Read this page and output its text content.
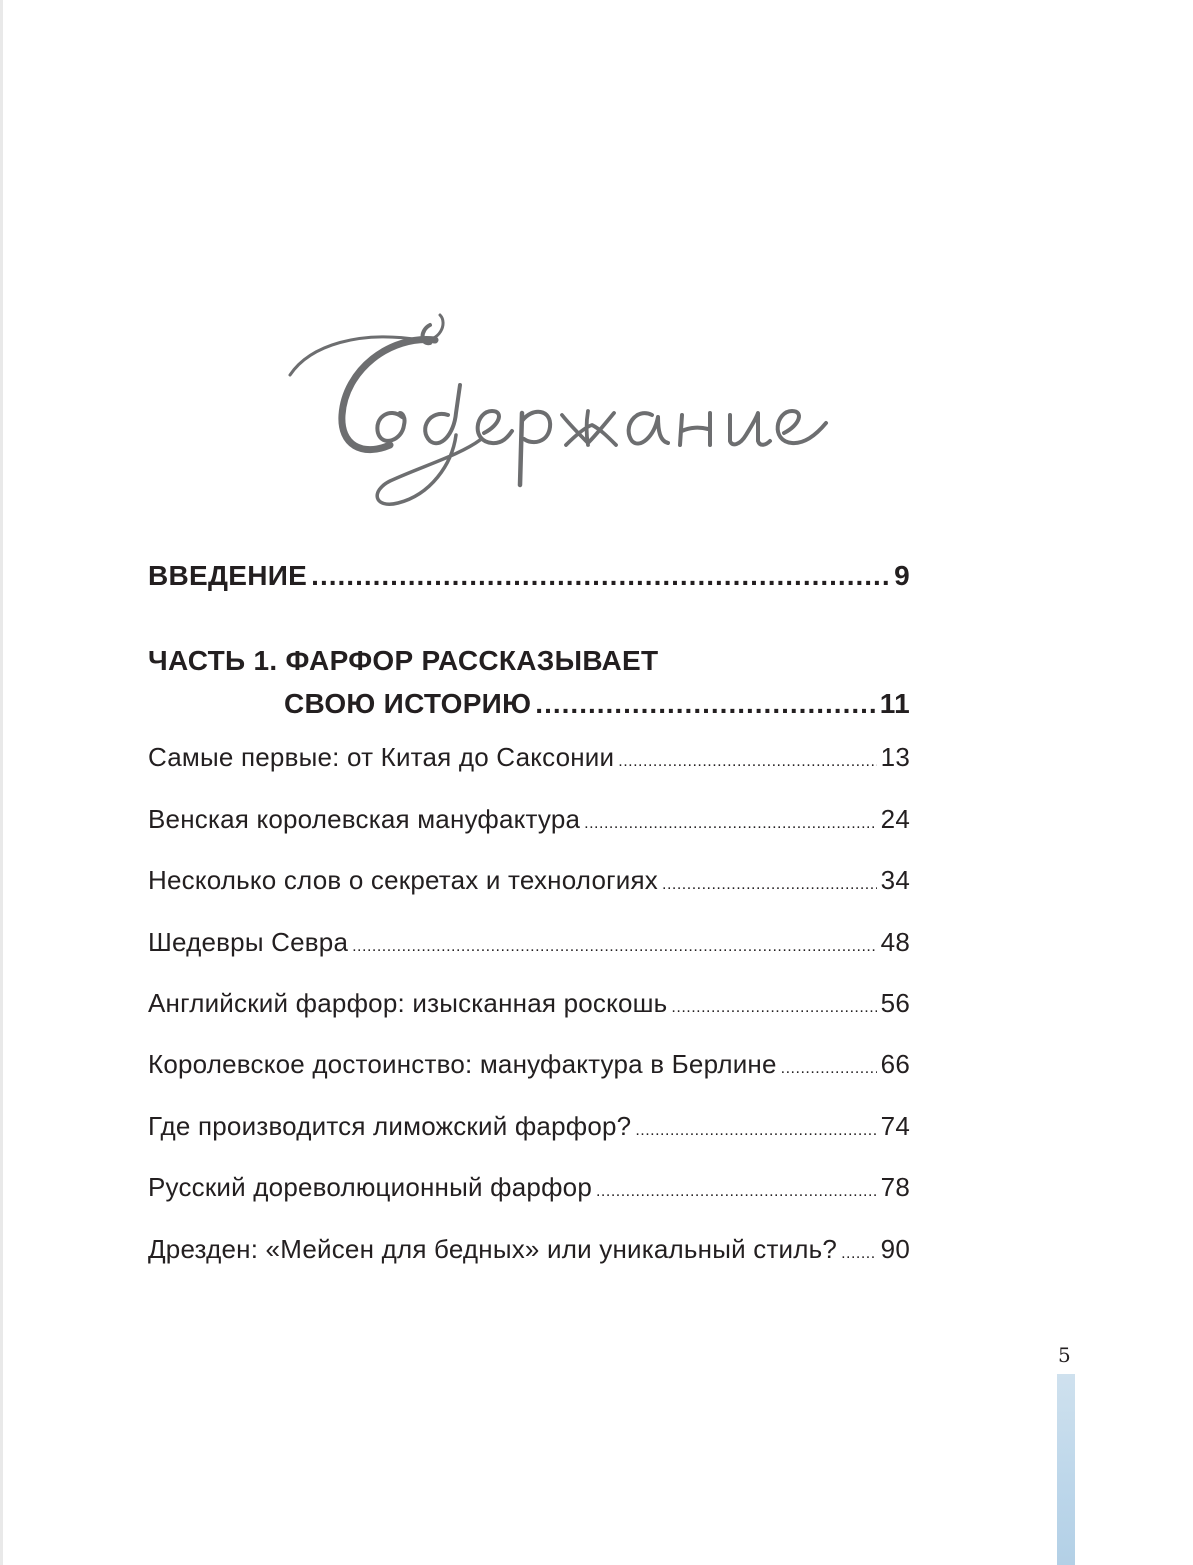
ВВЕДЕНИЕ .....	9
ЧАСТЬ 1. ФАРФОР РАССКАЗЫВАЕТ
СВОЮ ИСТОРИЮ .....	11
Самые первые: от Китая до Саксонии .....	13
Венская королевская мануфактура .....	24
Несколько слов о секретах и технологиях .....	34
Шедевры Севра .....	48
Английский фарфор: изысканная роскошь .....	56
Королевское достоинство: мануфактура в Берлине .....	66
Где производится лиможский фарфор? .....	74
Русский дореволюционный фарфор .....	78
Дрезден: «Мейсен для бедных» или уникальный стиль? ..... 90
5
